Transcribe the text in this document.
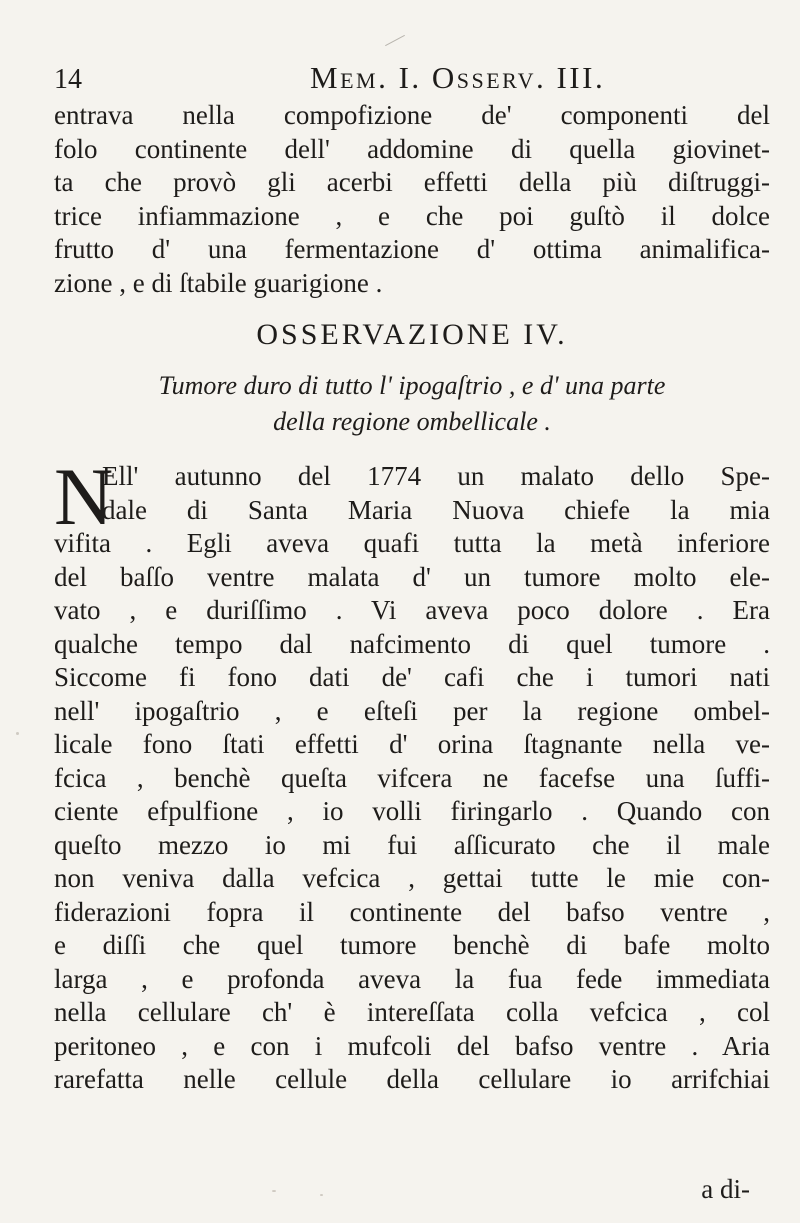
14	Mem. I. Osserv. III.
entrava nella compofizione de' componenti del
folo continente dell' addomine di quella giovinet-
ta che provò gli acerbi effetti della più diſtruggi-
trice infiammazione , e che poi guſtò il dolce
frutto d' una fermentazione d' ottima animalifica-
zione , e di ſtabile guarigione .
OSSERVAZIONE IV.
Tumore duro di tutto l' ipogaſtrio , e d' una parte
della regione ombellicale .
N
Ell' autunno del 1774 un malato dello Spe-
dale di Santa Maria Nuova chiefe la mia
vifita . Egli aveva quafi tutta la metà inferiore
del baſſo ventre malata d' un tumore molto ele-
vato , e duriſſimo . Vi aveva poco dolore . Era
qualche tempo dal nafcimento di quel tumore .
Siccome fi fono dati de' cafi che i tumori nati
nell' ipogaſtrio , e eſteſi per la regione ombel-
licale fono ſtati effetti d' orina ſtagnante nella ve-
fcica , benchè queſta vifcera ne facefse una ſuffi-
ciente efpulfione , io volli firingarlo . Quando con
queſto mezzo io mi fui aſſicurato che il male
non veniva dalla vefcica , gettai tutte le mie con-
fiderazioni fopra il continente del bafso ventre ,
e diſſi che quel tumore benchè di bafe molto
larga , e profonda aveva la fua fede immediata
nella cellulare ch' è intereſſata colla vefcica , col
peritoneo , e con i mufcoli del bafso ventre . Aria
rarefatta nelle cellule della cellulare io arrifchiai
a di-
